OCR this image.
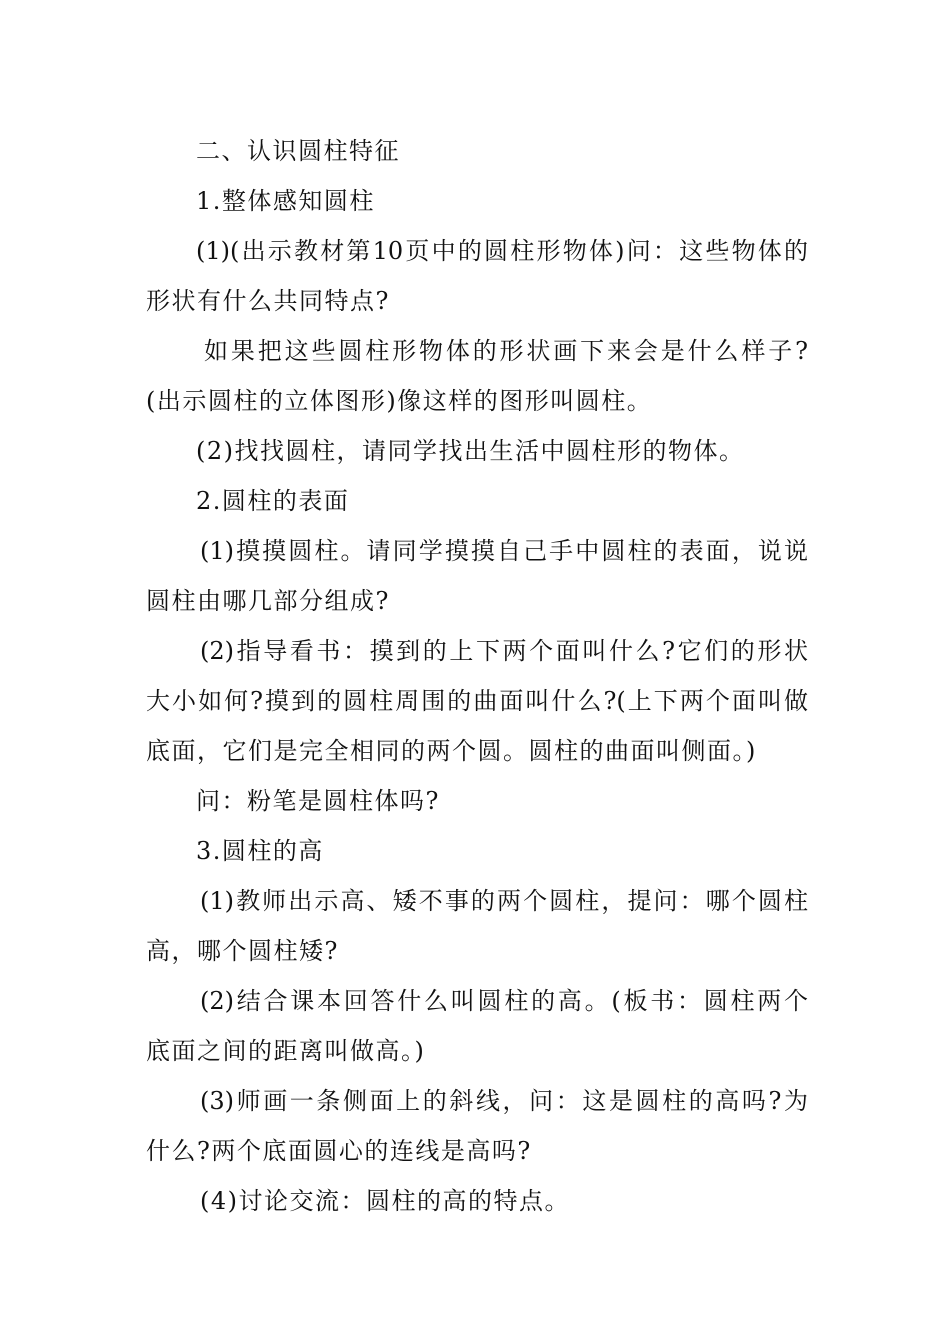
二、认识圆柱特征
1.整体感知圆柱
(1)(出示教材第10页中的圆柱形物体)问：这些物体的
形状有什么共同特点?
如果把这些圆柱形物体的形状画下来会是什么样子?
(出示圆柱的立体图形)像这样的图形叫圆柱。
(2)找找圆柱，请同学找出生活中圆柱形的物体。
2.圆柱的表面
(1)摸摸圆柱。请同学摸摸自己手中圆柱的表面，说说
圆柱由哪几部分组成?
(2)指导看书：摸到的上下两个面叫什么?它们的形状
大小如何?摸到的圆柱周围的曲面叫什么?(上下两个面叫做
底面，它们是完全相同的两个圆。圆柱的曲面叫侧面。)
问：粉笔是圆柱体吗?
3.圆柱的高
(1)教师出示高、矮不事的两个圆柱，提问：哪个圆柱
高，哪个圆柱矮?
(2)结合课本回答什么叫圆柱的高。(板书：圆柱两个
底面之间的距离叫做高。)
(3)师画一条侧面上的斜线，问：这是圆柱的高吗?为
什么?两个底面圆心的连线是高吗?
(4)讨论交流：圆柱的高的特点。
